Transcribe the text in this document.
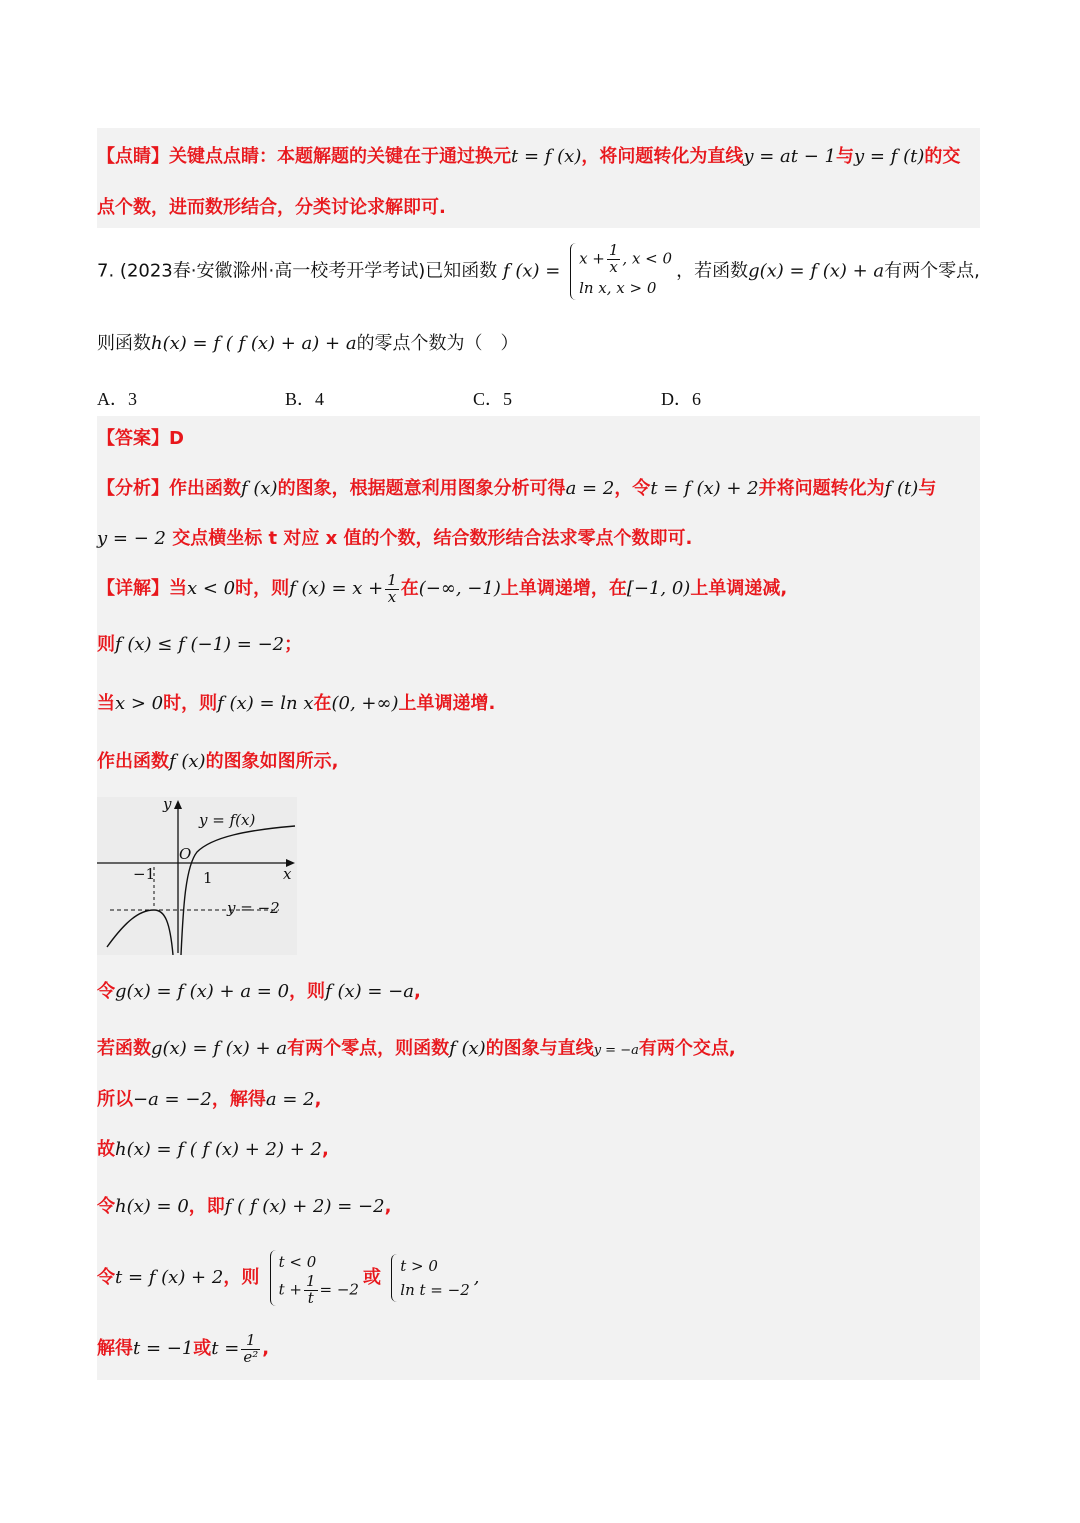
【点睛】关键点点睛：本题解题的关键在于通过换元t = f (x)，将问题转化为直线y = at − 1与y = f (t)的交
点个数，进而数形结合，分类讨论求解即可.
7. (2023春·安徽滁州·高一校考开学考试)已知函数 f (x) =
$x + \frac{1}{x}$ , x < 0
ln x, x > 0
，若函数g(x) = f (x) + a有两个零点,
则函数h(x) = f ( f (x) + a) + a的零点个数为（　）
A．3	B．4	C．5	D．6
【答案】D
【分析】作出函数f (x)的图象，根据题意利用图象分析可得a = 2，令t = f (x) + 2并将问题转化为f (t)与
y = − 2 交点横坐标 t 对应 x 值的个数，结合数形结合法求零点个数即可.
【详解】当x < 0时，则f $(x) = x + \frac{1}{x}$ 在(−∞, −1)上单调递增，在[−1, 0)上单调递减,
则f (x) ≤ f (−1) = −2；
当x > 0时，则f (x) = ln x在(0, +∞)上单调递增.
作出函数f (x)的图象如图所示,
y
x
O
y = f(x)
−1	1
y = −2
令g(x) = f (x) + a = 0，则f (x) = −a,
若函数g(x) = f (x) + a有两个零点，则函数f (x)的图象与直线y = −a有两个交点,
所以−a = −2，解得a = 2,
故h(x) = f ( f (x) + 2) + 2,
令h(x) = 0，即f ( f (x) + 2) = −2,
令t = f (x) + 2，则
t < 0
$t + \frac{1}{t} = -2$
或
t > 0
ln t = −2
,
解得t = −1或$t = \frac{1}{\text{e²}}$ ,
